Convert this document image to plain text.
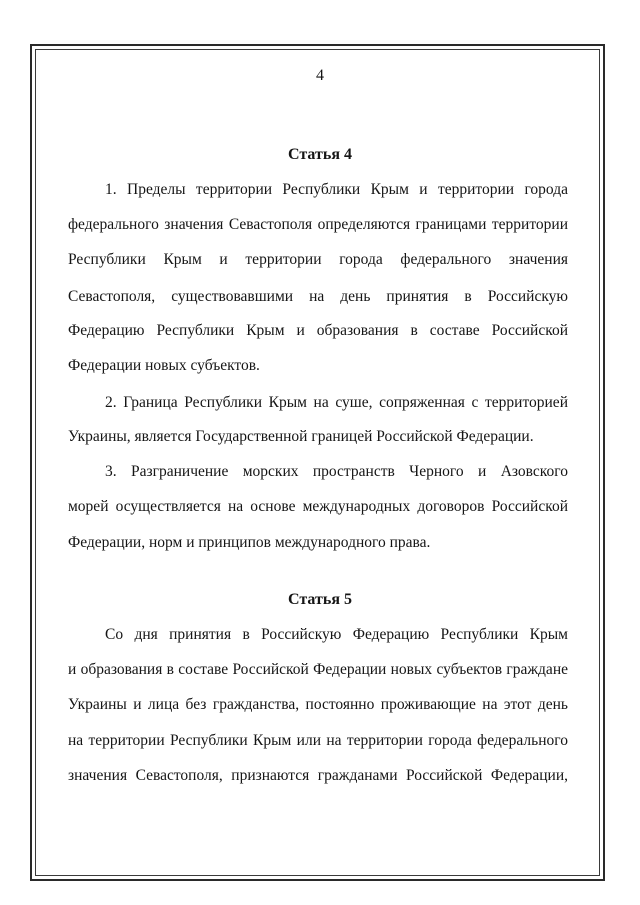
4
Статья 4
1. Пределы территории Республики Крым и территории города
федерального значения Севастополя определяются границами территории
Республики Крым и территории города федерального значения
Севастополя, существовавшими на день принятия в Российскую
Федерацию Республики Крым и образования в составе Российской
Федерации новых субъектов.
2. Граница Республики Крым на суше, сопряженная с территорией
Украины, является Государственной границей Российской Федерации.
3. Разграничение морских пространств Черного и Азовского
морей осуществляется на основе международных договоров Российской
Федерации, норм и принципов международного права.
Статья 5
Со дня принятия в Российскую Федерацию Республики Крым
и образования в составе Российской Федерации новых субъектов граждане
Украины и лица без гражданства, постоянно проживающие на этот день
на территории Республики Крым или на территории города федерального
значения Севастополя, признаются гражданами Российской Федерации,
